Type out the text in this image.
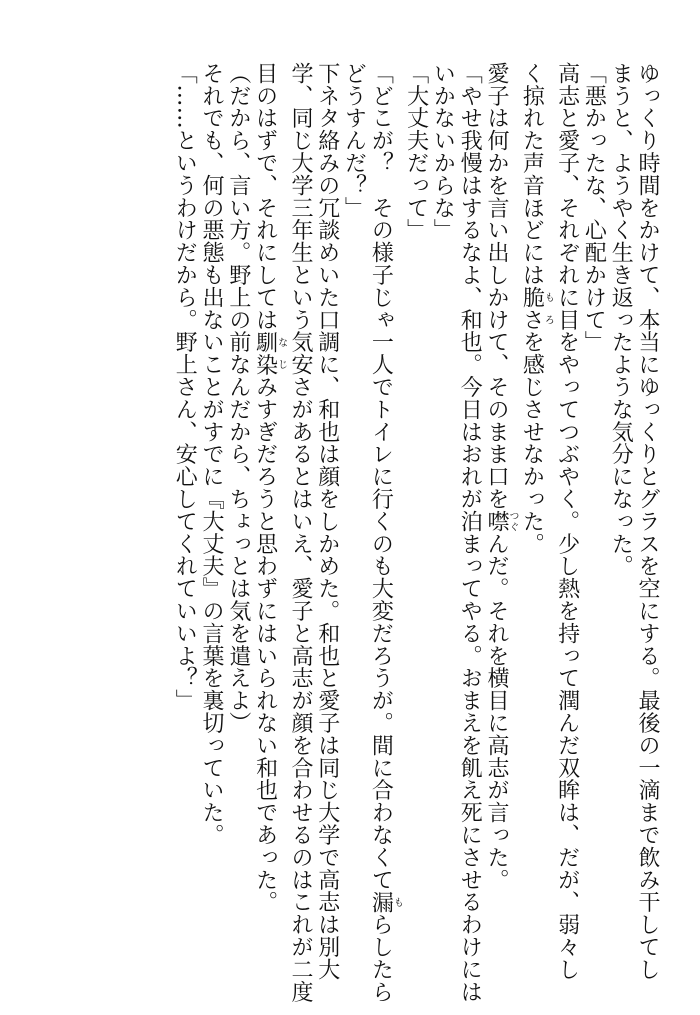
ゆっくり時間をかけて、本当にゆっくりとグラスを空にする。最後の一滴まで飲み干してし
まうと、ようやく生き返ったような気分になった。
「悪かったな、心配かけて」
高志と愛子、それぞれに目をやってつぶやく。少し熱を持って潤んだ双眸は、だが、弱々し
く掠れた声音ほどには脆さもろを感じさせなかった。
愛子は何かを言い出しかけて、そのまま口を噤つぐんだ。それを横目に高志が言った。
「やせ我慢はするなよ、和也。今日はおれが泊まってやる。おまえを飢え死にさせるわけには
いかないからな」
「大丈夫だって」
「どこが？　その様子じゃ一人でトイレに行くのも大変だろうが。間に合わなくて漏もらしたら
どうすんだ？」
下ネタ絡みの冗談めいた口調に、和也は顔をしかめた。和也と愛子は同じ大学で高志は別大
学、同じ大学三年生という気安さがあるとはいえ、愛子と高志が顔を合わせるのはこれが二度
目のはずで、それにしては馴染なじみすぎだろうと思わずにはいられない和也であった。
（だから、言い方。野上の前なんだから、ちょっとは気を遣えよ）
それでも、何の悪態も出ないことがすでに『大丈夫』の言葉を裏切っていた。
「……というわけだから。野上さん、安心してくれていいよ？」
